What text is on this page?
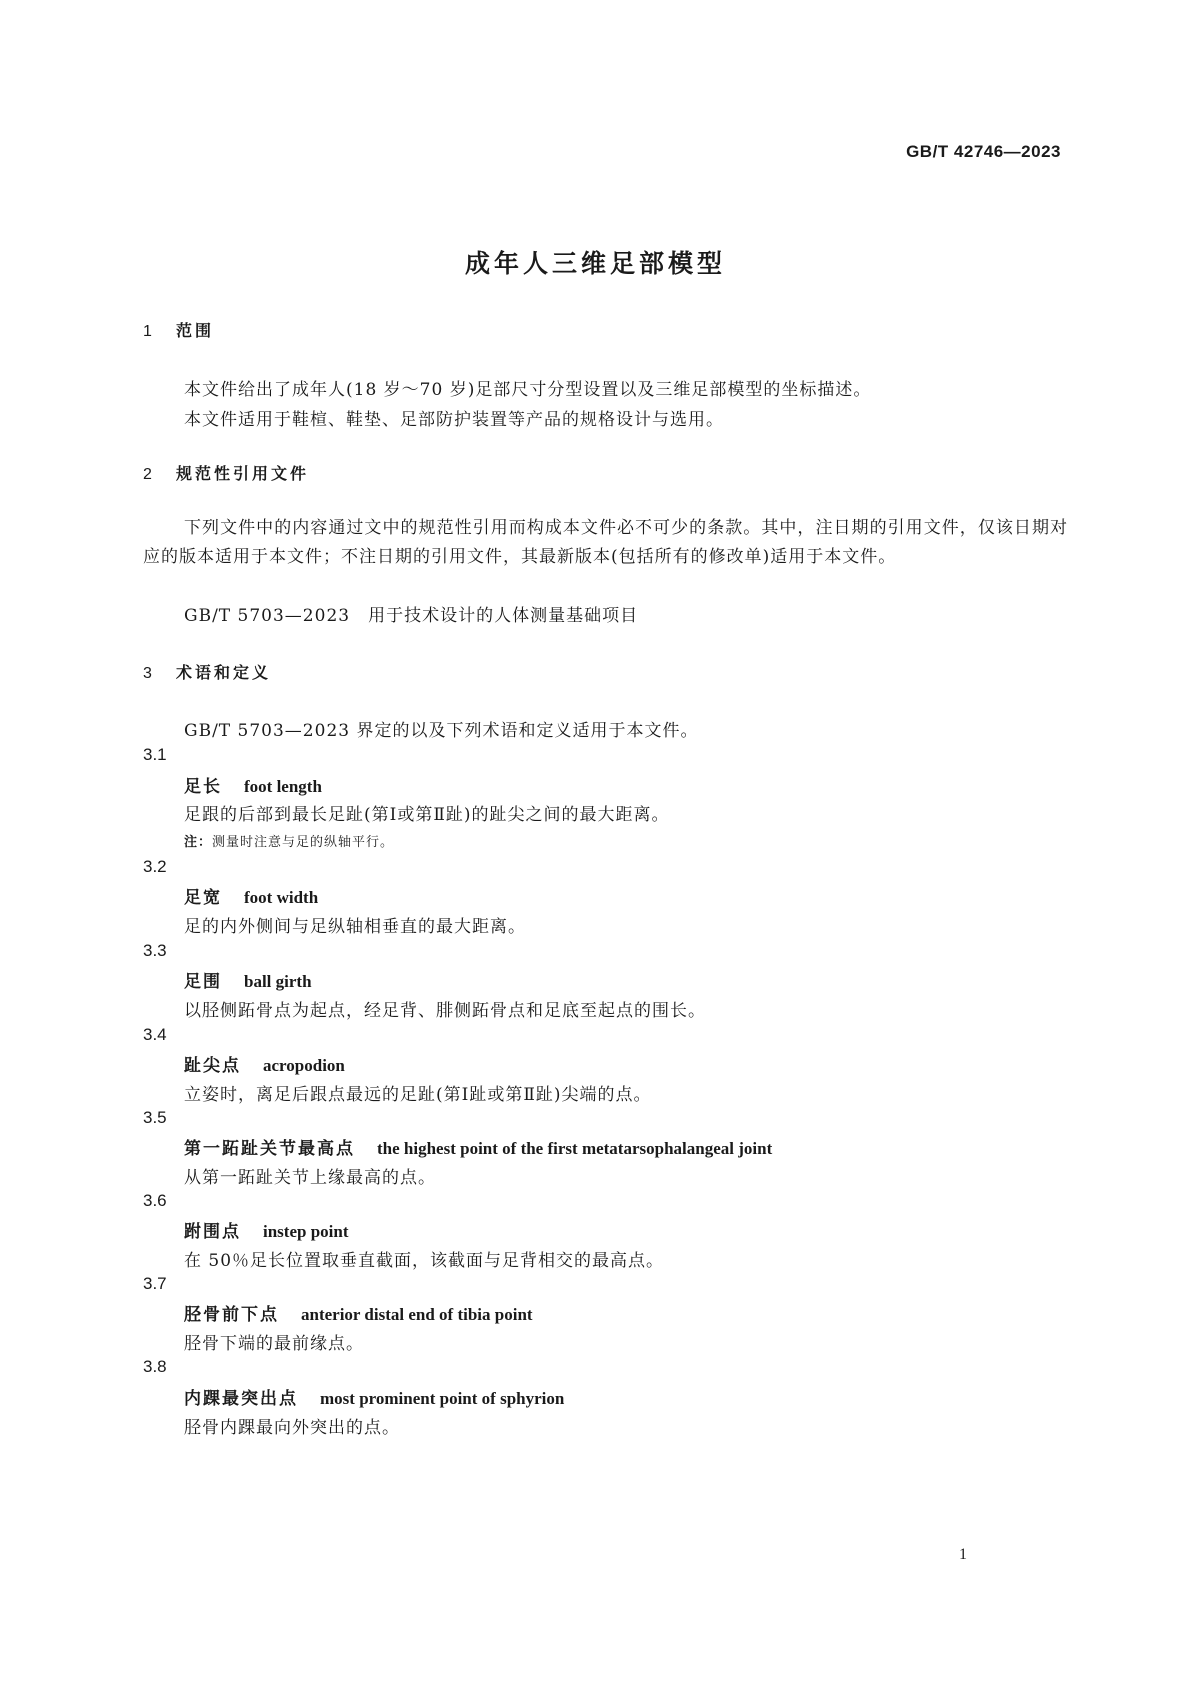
GB/T 42746—2023
成年人三维足部模型
1 范围
本文件给出了成年人(18 岁～70 岁)足部尺寸分型设置以及三维足部模型的坐标描述。
本文件适用于鞋楦、鞋垫、足部防护装置等产品的规格设计与选用。
2 规范性引用文件
下列文件中的内容通过文中的规范性引用而构成本文件必不可少的条款。其中，注日期的引用文件，仅该日期对应的版本适用于本文件；不注日期的引用文件，其最新版本(包括所有的修改单)适用于本文件。
GB/T 5703—2023　用于技术设计的人体测量基础项目
3 术语和定义
GB/T 5703—2023 界定的以及下列术语和定义适用于本文件。
3.1
足长 foot length
足跟的后部到最长足趾(第Ⅰ或第Ⅱ趾)的趾尖之间的最大距离。
注：测量时注意与足的纵轴平行。
3.2
足宽 foot width
足的内外侧间与足纵轴相垂直的最大距离。
3.3
足围 ball girth
以胫侧跖骨点为起点，经足背、腓侧跖骨点和足底至起点的围长。
3.4
趾尖点 acropodion
立姿时，离足后跟点最远的足趾(第Ⅰ趾或第Ⅱ趾)尖端的点。
3.5
第一跖趾关节最高点 the highest point of the first metatarsophalangeal joint
从第一跖趾关节上缘最高的点。
3.6
跗围点 instep point
在 50％足长位置取垂直截面，该截面与足背相交的最高点。
3.7
胫骨前下点 anterior distal end of tibia point
胫骨下端的最前缘点。
3.8
内踝最突出点 most prominent point of sphyrion
胫骨内踝最向外突出的点。
1
